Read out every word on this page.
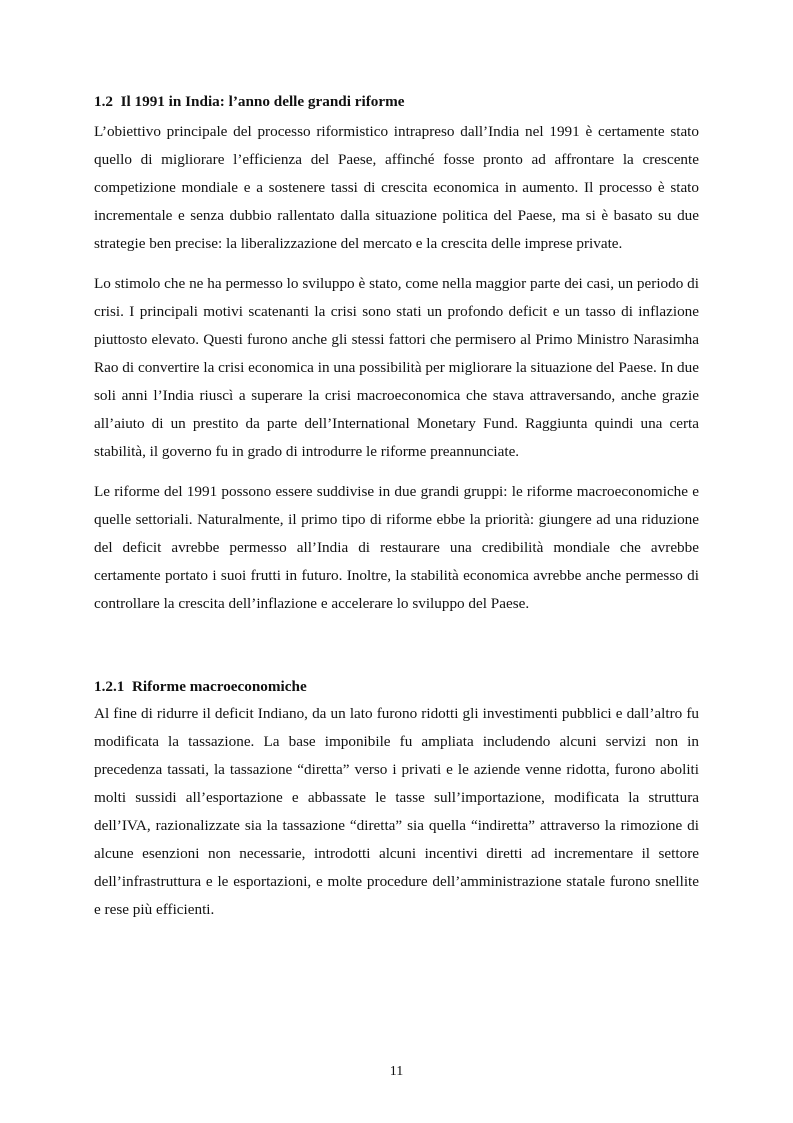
1.2 Il 1991 in India: l’anno delle grandi riforme

L’obiettivo principale del processo riformistico intrapreso dall’India nel 1991 è certamente stato quello di migliorare l’efficienza del Paese, affinché fosse pronto ad affrontare la crescente competizione mondiale e a sostenere tassi di crescita economica in aumento. Il processo è stato incrementale e senza dubbio rallentato dalla situazione politica del Paese, ma si è basato su due strategie ben precise: la liberalizzazione del mercato e la crescita delle imprese private.

Lo stimolo che ne ha permesso lo sviluppo è stato, come nella maggior parte dei casi, un periodo di crisi. I principali motivi scatenanti la crisi sono stati un profondo deficit e un tasso di inflazione piuttosto elevato. Questi furono anche gli stessi fattori che permisero al Primo Ministro Narasimha Rao di convertire la crisi economica in una possibilità per migliorare la situazione del Paese. In due soli anni l’India riuscì a superare la crisi macroeconomica che stava attraversando, anche grazie all’aiuto di un prestito da parte dell’International Monetary Fund. Raggiunta quindi una certa stabilità, il governo fu in grado di introdurre le riforme preannunciate.

Le riforme del 1991 possono essere suddivise in due grandi gruppi: le riforme macroeconomiche e quelle settoriali. Naturalmente, il primo tipo di riforme ebbe la priorità: giungere ad una riduzione del deficit avrebbe permesso all’India di restaurare una credibilità mondiale che avrebbe certamente portato i suoi frutti in futuro. Inoltre, la stabilità economica avrebbe anche permesso di controllare la crescita dell’inflazione e accelerare lo sviluppo del Paese.

1.2.1 Riforme macroeconomiche

Al fine di ridurre il deficit Indiano, da un lato furono ridotti gli investimenti pubblici e dall’altro fu modificata la tassazione. La base imponibile fu ampliata includendo alcuni servizi non in precedenza tassati, la tassazione “diretta” verso i privati e le aziende venne ridotta, furono aboliti molti sussidi all’esportazione e abbassate le tasse sull’importazione, modificata la struttura dell’IVA, razionalizzate sia la tassazione “diretta” sia quella “indiretta” attraverso la rimozione di alcune esenzioni non necessarie, introdotti alcuni incentivi diretti ad incrementare il settore dell’infrastruttura e le esportazioni, e molte procedure dell’amministrazione statale furono snellite e rese più efficienti.

11
